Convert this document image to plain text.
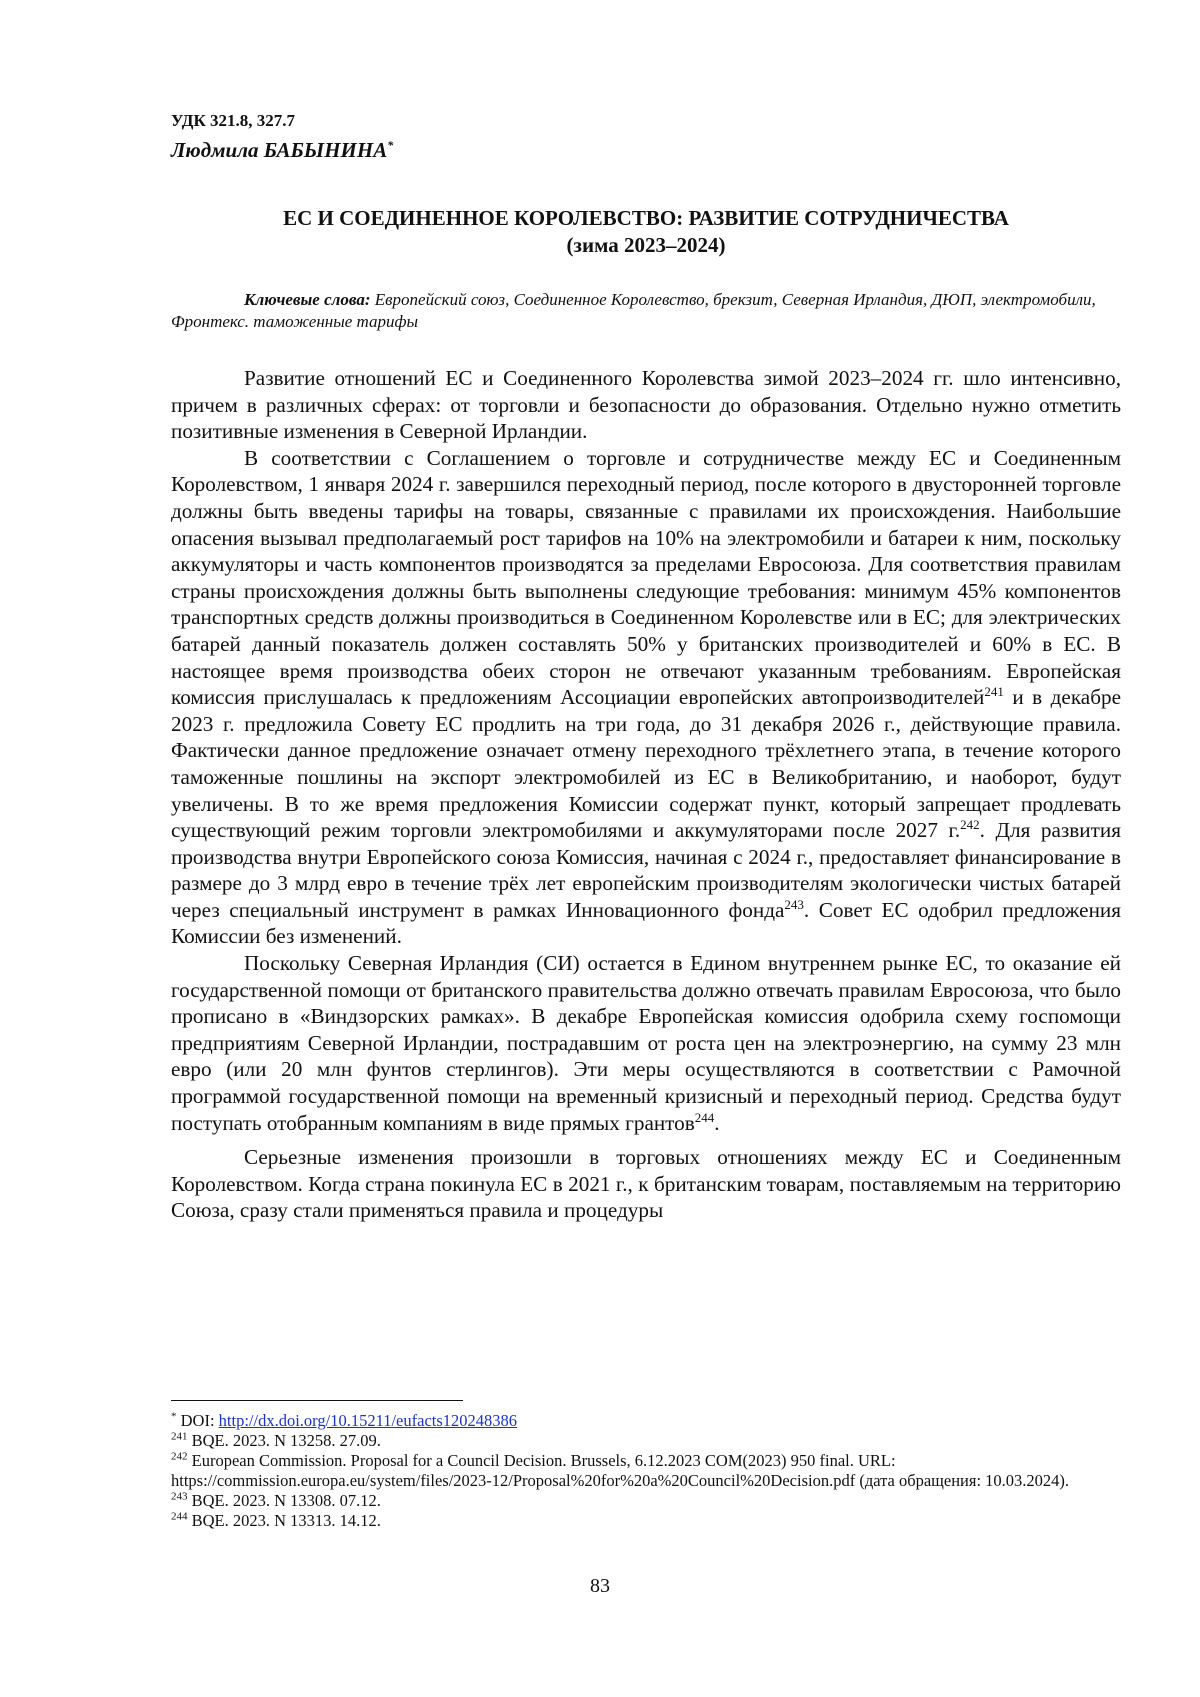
УДК 321.8, 327.7

Людмила БАБЫНИНА*

ЕС И СОЕДИНЕННОЕ КОРОЛЕВСТВО: РАЗВИТИЕ СОТРУДНИЧЕСТВА
(зима 2023–2024)

Ключевые слова: Европейский союз, Соединенное Королевство, брекзит, Северная Ирландия, ДЮП, электромобили, Фронтекс. таможенные тарифы

Развитие отношений ЕС и Соединенного Королевства зимой 2023–2024 гг. шло интенсивно, причем в различных сферах: от торговли и безопасности до образования. Отдельно нужно отметить позитивные изменения в Северной Ирландии.

В соответствии с Соглашением о торговле и сотрудничестве между ЕС и Соединенным Королевством, 1 января 2024 г. завершился переходный период, после которого в двусторонней торговле должны быть введены тарифы на товары, связанные с правилами их происхождения. Наибольшие опасения вызывал предполагаемый рост тарифов на 10% на электромобили и батареи к ним, поскольку аккумуляторы и часть компонентов производятся за пределами Евросоюза. Для соответствия правилам страны происхождения должны быть выполнены следующие требования: минимум 45% компонентов транспортных средств должны производиться в Соединенном Королевстве или в ЕС; для электрических батарей данный показатель должен составлять 50% у британских производителей и 60% в ЕС. В настоящее время производства обеих сторон не отвечают указанным требованиям. Европейская комиссия прислушалась к предложениям Ассоциации европейских автопроизводителей$^{241}$ и в декабре 2023 г. предложила Совету ЕС продлить на три года, до 31 декабря 2026 г., действующие правила. Фактически данное предложение означает отмену переходного трёхлетнего этапа, в течение которого таможенные пошлины на экспорт электромобилей из ЕС в Великобританию, и наоборот, будут увеличены. В то же время предложения Комиссии содержат пункт, который запрещает продлевать существующий режим торговли электромобилями и аккумуляторами после 2027 г.$^{242}$. Для развития производства внутри Европейского союза Комиссия, начиная с 2024 г., предоставляет финансирование в размере до 3 млрд евро в течение трёх лет европейским производителям экологически чистых батарей через специальный инструмент в рамках Инновационного фонда$^{243}$. Совет ЕС одобрил предложения Комиссии без изменений.

Поскольку Северная Ирландия (СИ) остается в Едином внутреннем рынке ЕС, то оказание ей государственной помощи от британского правительства должно отвечать правилам Евросоюза, что было прописано в «Виндзорских рамках». В декабре Европейская комиссия одобрила схему госпомощи предприятиям Северной Ирландии, пострадавшим от роста цен на электроэнергию, на сумму 23 млн евро (или 20 млн фунтов стерлингов). Эти меры осуществляются в соответствии с Рамочной программой государственной помощи на временный кризисный и переходный период. Средства будут поступать отобранным компаниям в виде прямых грантов$^{244}$.

Серьезные изменения произошли в торговых отношениях между ЕС и Соединенным Королевством. Когда страна покинула ЕС в 2021 г., к британским товарам, поставляемым на территорию Союза, сразу стали применяться правила и процедуры

* DOI: http://dx.doi.org/10.15211/eufacts120248386

$^{241}$ BQE. 2023. N 13258. 27.09.

$^{242}$ European Commission. Proposal for a Council Decision. Brussels, 6.12.2023 COM(2023) 950 final. URL: https://commission.europa.eu/system/files/2023-12/Proposal%20for%20a%20Council%20Decision.pdf (дата обращения: 10.03.2024).

$^{243}$ BQE. 2023. N 13308. 07.12.

$^{244}$ BQE. 2023. N 13313. 14.12.

83
